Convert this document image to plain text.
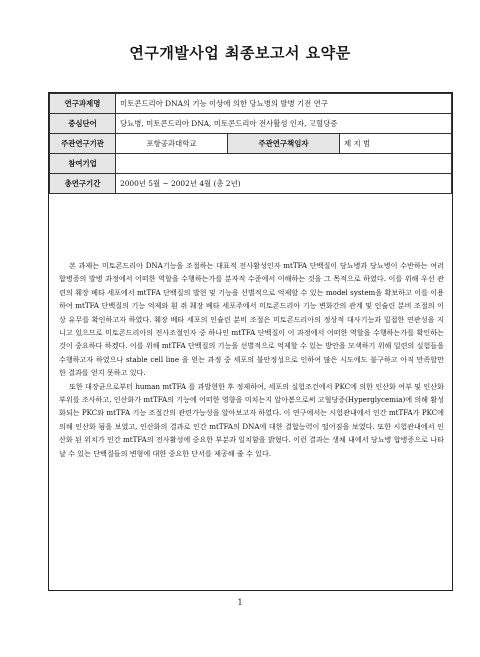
연구개발사업 최종보고서 요약문
연구과제명	미토콘드리아 DNA의 기능 이상에 의한 당뇨병의 발병 기전 연구		
중심단어	당뇨병, 미토콘드리아 DNA, 미토콘드리아 전사활성 인자, 고혈당증		
주관연구기관	포항공과대학교	주관연구책임자	제 지 범
참여기업			
총연구기간	2000년 5월 ~ 2002년 4월 (총 2년)		

본 과제는 미토콘드리아 DNA기능을 조절하는 대표적 전사활성인자 mtTFA 단백질이 당뇨병과 당뇨병이 수반하는 여러 합병증의 발병 과정에서 어떠한 역할을 수행하는가를 분자적 수준에서 이해하는 것을 그 목적으로 하였다. 이를 위해 우선 관련의 췌장 베타 세포에서 mtTFA 단백질의 발현 및 기능을 선별적으로 억제할 수 있는 model system을 확보하고 이를 이용하여 mtTFA 단백질의 기능 억제와 흰 쥐 췌장 베타 세포주에서 미토콘드리아 기능 변화간의 관계 및 인슐린 분비 조절의 이상 유무를 확인하고자 하였다. 췌장 베타 세포의 인슐린 분비 조절은 미토콘드리아의 정상적 대사기능과 밀접한 연관성을 지니고 있으므로 미토콘드리아의 전사조절인자 중 하나인 mtTFA 단백질이 이 과정에서 어떠한 역할을 수행하는가를 확인하는 것이 중요하다 하겠다. 이를 위해 mtTFA 단백질의 기능을 선별적으로 억제할 수 있는 방안을 모색하기 위해 일련의 실험들을 수행하고자 하였으나 stable cell line 을 얻는 과정 중 세포의 불안정성으로 인하여 많은 시도에도 불구하고 아직 만족할만한 결과를 얻지 못하고 있다.

또한 대장균으로부터 human mtTFA 를 과발현한 후 정제하여, 세포의 실험조건에서 PKC에 의한 인산화 여부 및 인산화 부위를 조사하고, 인산화가 mtTFA의 기능에 어떠한 영향을 미치는지 알아봄으로써 고혈당증(Hyperglycemia)에 의해 활성화되는 PKC와 mtTFA 기능 조절간의 관련가능성을 알아보고자 하였다. 이 연구에서는 시험관내에서 인간 mtTFA가 PKC에 의해 인산화 됨을 보였고, 인산화의 결과로 인간 mtTFA의 DNA에 대한 결합능력이 떨어짐을 보였다. 또한 시험관내에서 인산화 된 위치가 인간 mtTFA의 전사활성에 중요한 부분과 일치함을 밝혔다. 이런 결과는 생체 내에서 당뇨병 합병증으로 나타날 수 있는 단백질들의 변형에 대한 중요한 단서를 제공해 줄 수 있다.

1
